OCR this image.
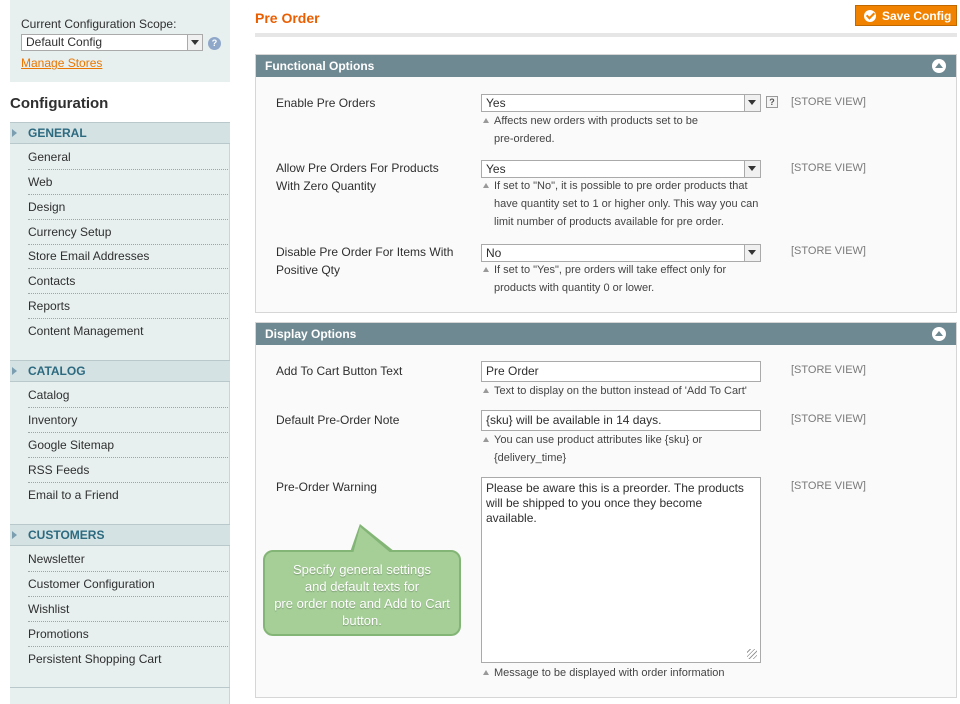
Current Configuration Scope:
Default Config	?
Manage Stores
Configuration
GENERAL
General
Web
Design
Currency Setup
Store Email Addresses
Contacts
Reports
Content Management
CATALOG
Catalog
Inventory
Google Sitemap
RSS Feeds
Email to a Friend
CUSTOMERS
Newsletter
Customer Configuration
Wishlist
Promotions
Persistent Shopping Cart
Pre Order	Save Config
Functional Options
Enable Pre Orders	Yes	? [STORE VIEW]
Affects new orders with products set to be
pre-ordered.
Allow Pre Orders For Products
With Zero Quantity
Yes	[STORE VIEW]
If set to "No", it is possible to pre order products that
have quantity set to 1 or higher only. This way you can
limit number of products available for pre order.
Disable Pre Order For Items With
Positive Qty
No	[STORE VIEW]
If set to "Yes", pre orders will take effect only for
products with quantity 0 or lower.
Display Options
Add To Cart Button Text	Pre Order	[STORE VIEW]
Text to display on the button instead of 'Add To Cart'
Default Pre-Order Note	{sku} will be available in 14 days.	[STORE VIEW]
You can use product attributes like {sku} or
{delivery_time}
Pre-Order Warning	Please be aware this is a preorder. The products
will be shipped to you once they become
available.
[STORE VIEW]
Message to be displayed with order information
Specify general settings
and default texts for
pre order note and Add to Cart
button.
